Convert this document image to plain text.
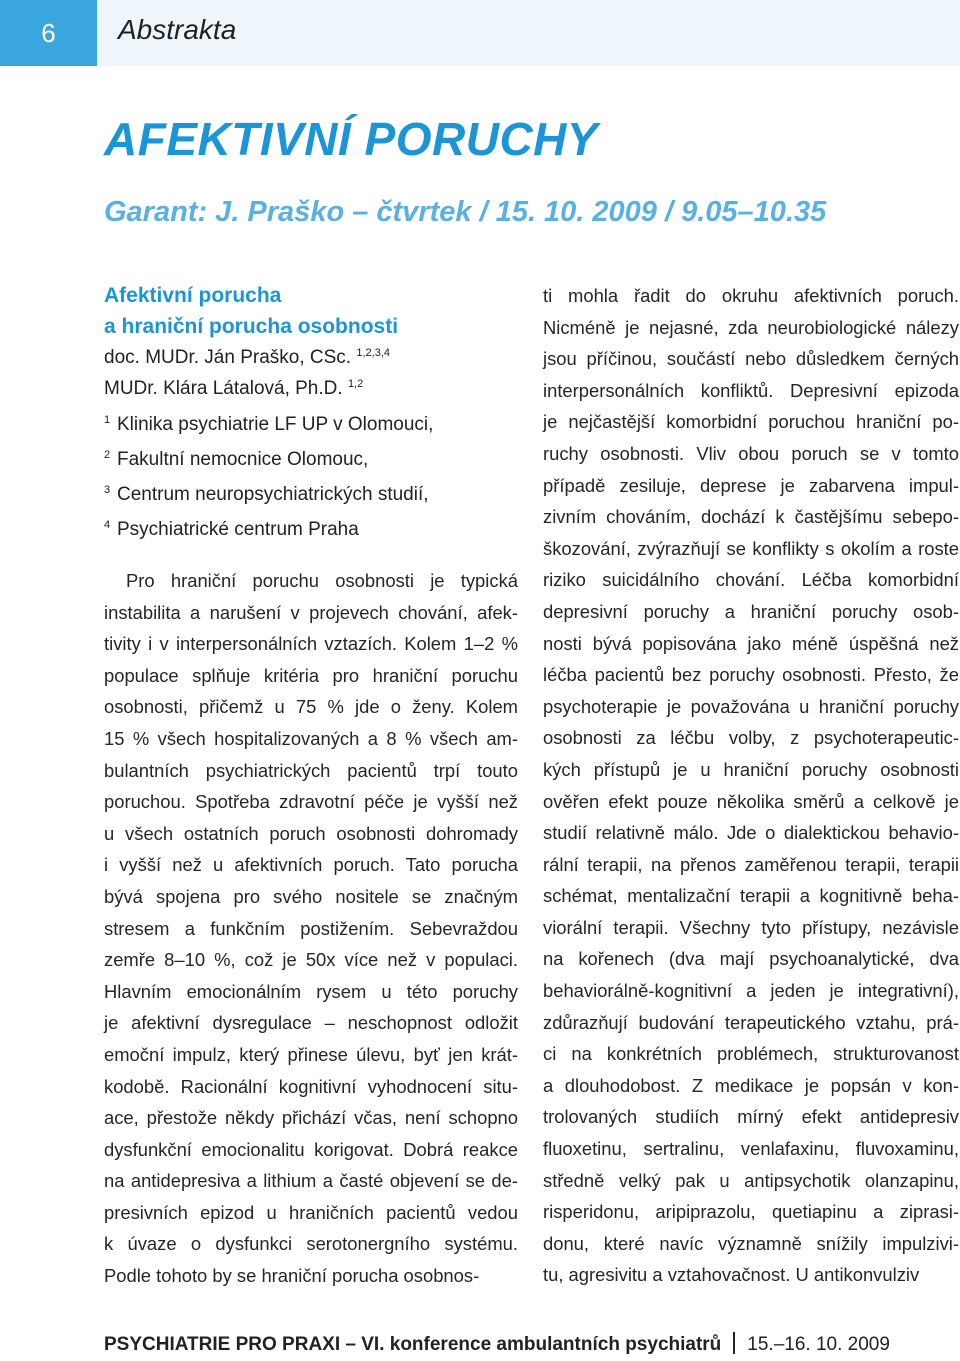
6	Abstrakta
AFEKTIVNÍ PORUCHY
Garant: J. Praško – čtvrtek / 15. 10. 2009 / 9.05–10.35
Afektivní porucha
a hraniční porucha osobnosti
doc. MUDr. Ján Praško, CSc. $^{1,2,3,4}$
MUDr. Klára Látalová, Ph.D. $^{1,2}$
1 Klinika psychiatrie LF UP v Olomouci,
2 Fakultní nemocnice Olomouc,
3 Centrum neuropsychiatrických studií,
4 Psychiatrické centrum Praha
Pro hraniční poruchu osobnosti je typická
instabilita a narušení v projevech chování, afek-
tivity i v interpersonálních vztazích. Kolem 1–2 %
populace splňuje kritéria pro hraniční poruchu
osobnosti, přičemž u 75 % jde o ženy. Kolem
15 % všech hospitalizovaných a 8 % všech am-
bulantních psychiatrických pacientů trpí touto
poruchou. Spotřeba zdravotní péče je vyšší než
u všech ostatních poruch osobnosti dohromady
i vyšší než u afektivních poruch. Tato porucha
bývá spojena pro svého nositele se značným
stresem a funkčním postižením. Sebevraždou
zemře 8–10 %, což je 50x více než v populaci.
Hlavním emocionálním rysem u této poruchy
je afektivní dysregulace – neschopnost odložit
emoční impulz, který přinese úlevu, byť jen krát-
kodobě. Racionální kognitivní vyhodnocení situ-
ace, přestože někdy přichází včas, není schopno
dysfunkční emocionalitu korigovat. Dobrá reakce
na antidepresiva a lithium a časté objevení se de-
presivních epizod u hraničních pacientů vedou
k úvaze o dysfunkci serotonergního systému.
Podle tohoto by se hraniční porucha osobnos-
ti mohla řadit do okruhu afektivních poruch.
Nicméně je nejasné, zda neurobiologické nálezy
jsou příčinou, součástí nebo důsledkem černých
interpersonálních konfliktů. Depresivní epizoda
je nejčastější komorbidní poruchou hraniční po-
ruchy osobnosti. Vliv obou poruch se v tomto
případě zesiluje, deprese je zabarvena impul-
zivním chováním, dochází k častějšímu sebepo-
škozování, zvýrazňují se konflikty s okolím a roste
riziko suicidálního chování. Léčba komorbidní
depresivní poruchy a hraniční poruchy osob-
nosti bývá popisována jako méně úspěšná než
léčba pacientů bez poruchy osobnosti. Přesto, že
psychoterapie je považována u hraniční poruchy
osobnosti za léčbu volby, z psychoterapeutic-
kých přístupů je u hraniční poruchy osobnosti
ověřen efekt pouze několika směrů a celkově je
studií relativně málo. Jde o dialektickou behavio-
rální terapii, na přenos zaměřenou terapii, terapii
schémat, mentalizační terapii a kognitivně beha-
viorální terapii. Všechny tyto přístupy, nezávisle
na kořenech (dva mají psychoanalytické, dva
behaviorálně-kognitivní a jeden je integrativní),
zdůrazňují budování terapeutického vztahu, prá-
ci na konkrétních problémech, strukturovanost
a dlouhodobost. Z medikace je popsán v kon-
trolovaných studiích mírný efekt antidepresiv
fluoxetinu, sertralinu, venlafaxinu, fluvoxaminu,
středně velký pak u antipsychotik olanzapinu,
risperidonu, aripiprazolu, quetiapinu a ziprasi-
donu, které navíc významně snížily impulzivi-
tu, agresivitu a vztahovačnost. U antikonvulziv
PSYCHIATRIE PRO PRAXI – VI. konference ambulantních psychiatrů 15.–16. 10. 2009
